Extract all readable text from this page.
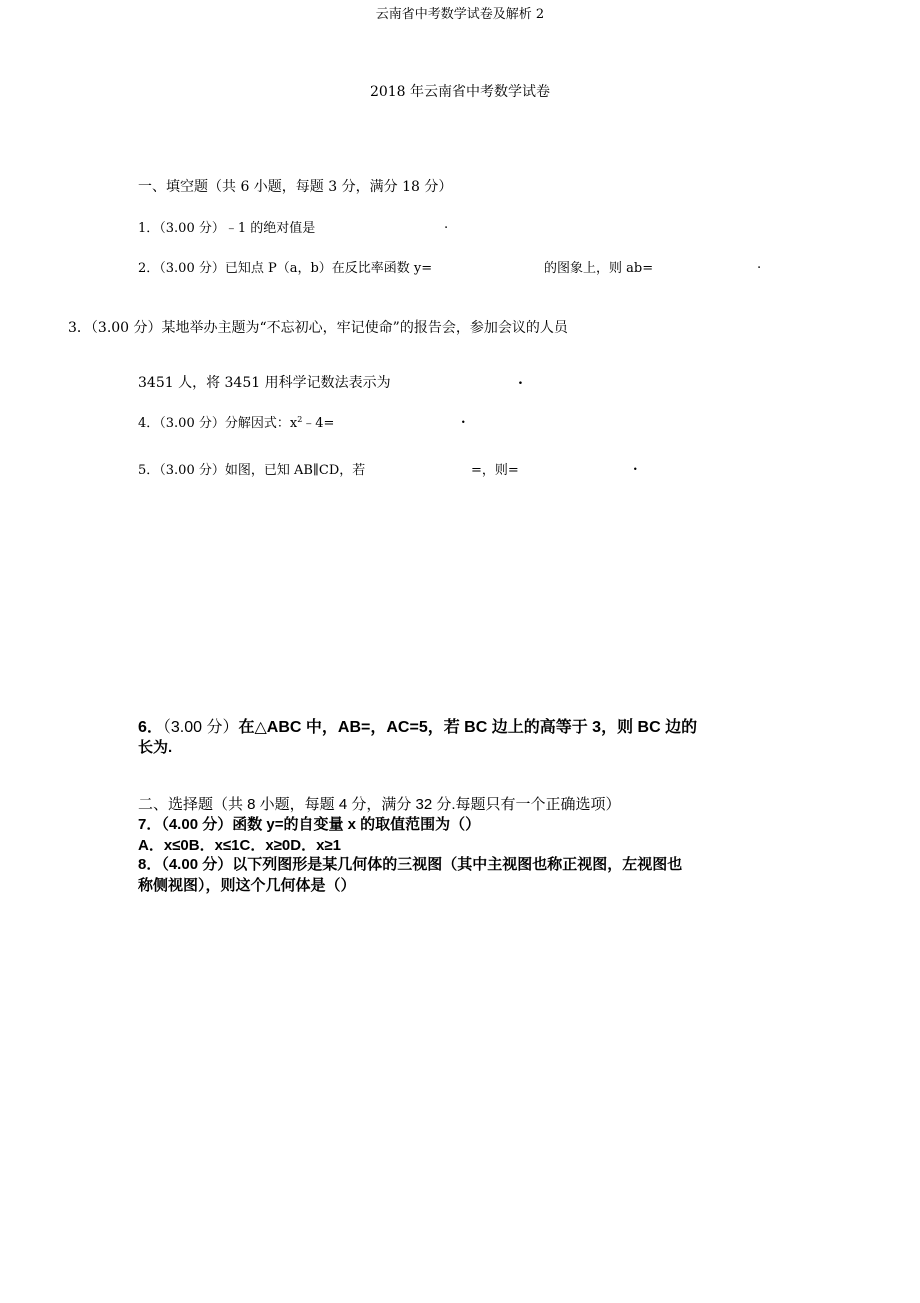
云南省中考数学试卷及解析 2
2018 年云南省中考数学试卷
一、填空题（共 6 小题，每题 3 分，满分 18 分）
1．（3.00 分）﹣1 的绝对值是	.
2．（3.00 分）已知点 P（a，b）在反比率函数 y=	的图象上，则 ab=	.
3．（3.00 分）某地举办主题为“不忘初心，牢记使命”的报告会，参加会议的人员
3451 人，将 3451 用科学记数法表示为	.
4．（3.00 分）分解因式：$x^2﹣4=$	.
5．（3.00 分）如图，已知 AB∥CD，若	=，则=	.
6．（3.00 分）在△ABC 中，AB=，AC=5，若 BC 边上的高等于 3，则 BC 边的
长为.
二、选择题（共 8 小题，每题 4 分，满分 32 分.每题只有一个正确选项）
7．（4.00 分）函数 y=的自变量 x 的取值范围为（）
A．x≤0B．x≤1C．x≥0D．x≥1
8．（4.00 分）以下列图形是某几何体的三视图（其中主视图也称正视图，左视图也
称侧视图），则这个几何体是（）
